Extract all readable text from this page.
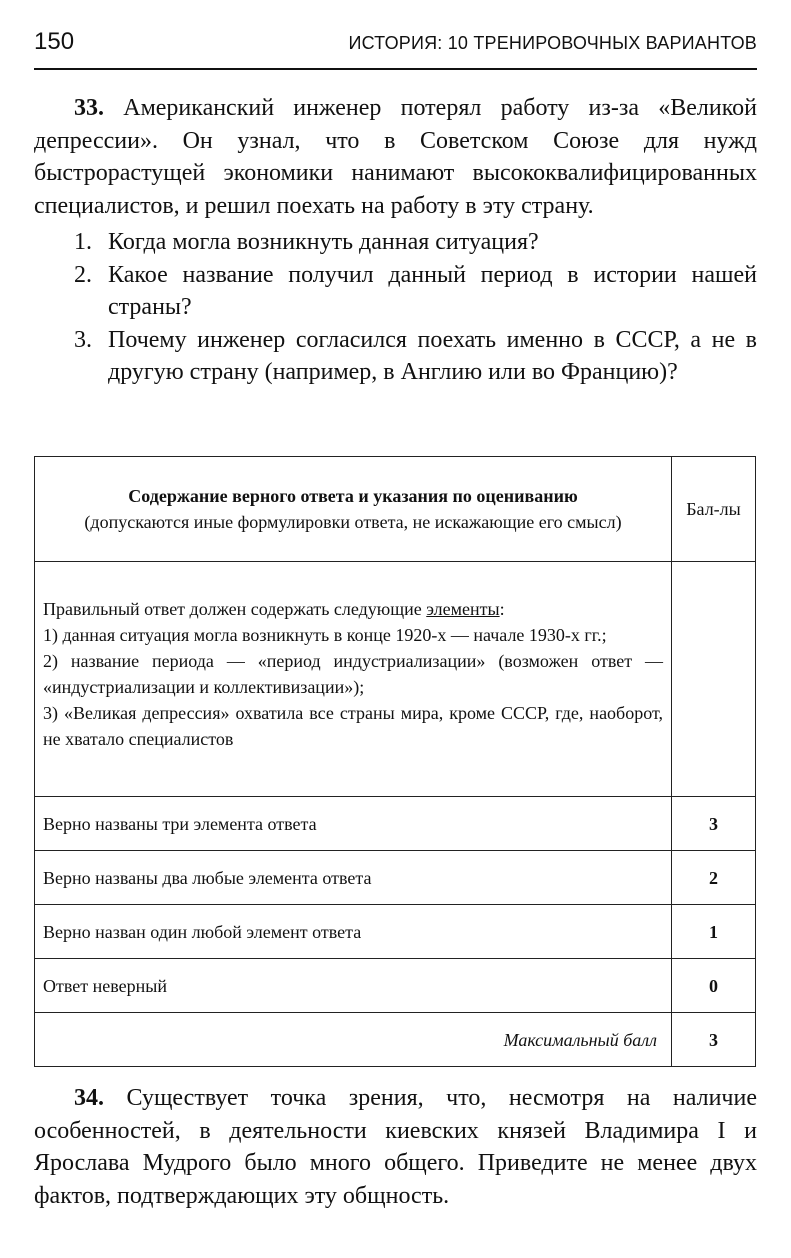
150	ИСТОРИЯ: 10 ТРЕНИРОВОЧНЫХ ВАРИАНТОВ

33. Американский инженер потерял работу из-за «Великой депрессии». Он узнал, что в Советском Союзе для нужд быстрорастущей экономики нанимают высококвалифицированных специалистов, и решил поехать на работу в эту страну.

1. Когда могла возникнуть данная ситуация?
2. Какое название получил данный период в истории нашей страны?
3. Почему инженер согласился поехать именно в СССР, а не в другую страну (например, в Англию или во Францию)?
Содержание верного ответа и указания по оцениванию
(допускаются иные формулировки ответа, не искажающие его смысл)	Бал-лы

Правильный ответ должен содержать следующие элементы:

1) данная ситуация могла возникнуть в конце 1920-х — начале 1930-х гг.;

2) название периода — «период индустриализации» (возможен ответ — «индустриализации и коллективизации»);

3) «Великая депрессия» охватила все страны мира, кроме СССР, где, наоборот, не хватало специалистов	

Верно названы три элемента ответа	3
Верно названы два любые элемента ответа	2
Верно назван один любой элемент ответа	1
Ответ неверный	0
Максимальный балл	3

34. Существует точка зрения, что, несмотря на наличие особенностей, в деятельности киевских князей Владимира I и Ярослава Мудрого было много общего. Приведите не менее двух фактов, подтверждающих эту общность.
